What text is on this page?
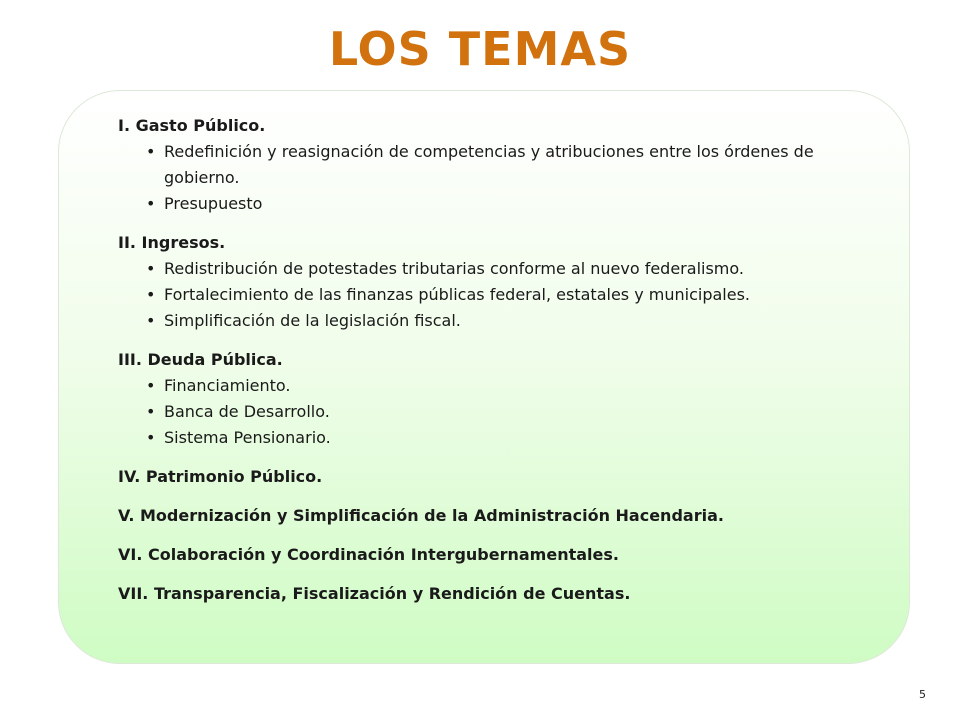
LOS TEMAS
I. Gasto Público.
• Redefinición y reasignación de competencias y atribuciones entre los órdenes de gobierno.
• Presupuesto
II. Ingresos.
• Redistribución de potestades tributarias conforme al nuevo federalismo.
• Fortalecimiento de las finanzas públicas federal, estatales y municipales.
• Simplificación de la legislación fiscal.
III. Deuda Pública.
• Financiamiento.
• Banca de Desarrollo.
• Sistema Pensionario.
IV. Patrimonio Público.
V. Modernización y Simplificación de la Administración Hacendaria.
VI. Colaboración y Coordinación Intergubernamentales.
VII. Transparencia, Fiscalización y Rendición de Cuentas.
5
